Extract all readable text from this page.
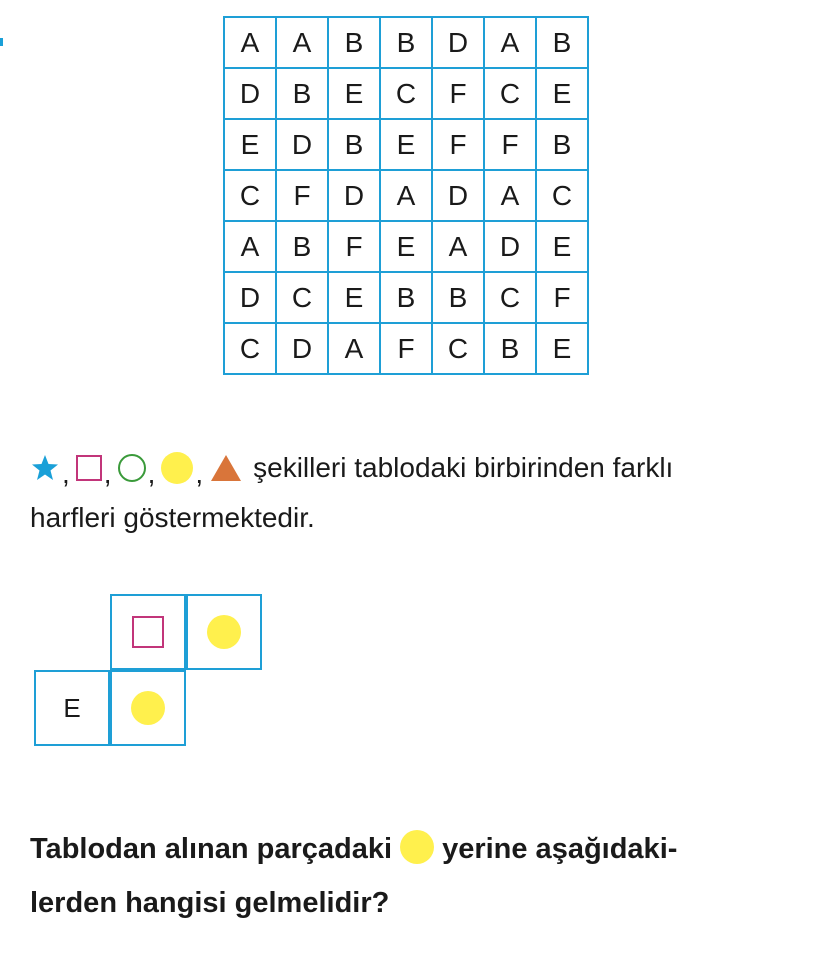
A	A	B	B	D	A	B
D	B	E	C	F	C	E
E	D	B	E	F	F	B
C	F	D	A	D	A	C
A	B	F	E	A	D	E
D	C	E	B	B	C	F
C	D	A	F	C	B	E
, , , , şekilleri tablodaki birbirinden farklı
harfleri göstermektedir.
E
Tablodan alınan parçadaki yerine aşağıdaki-
lerden hangisi gelmelidir?
